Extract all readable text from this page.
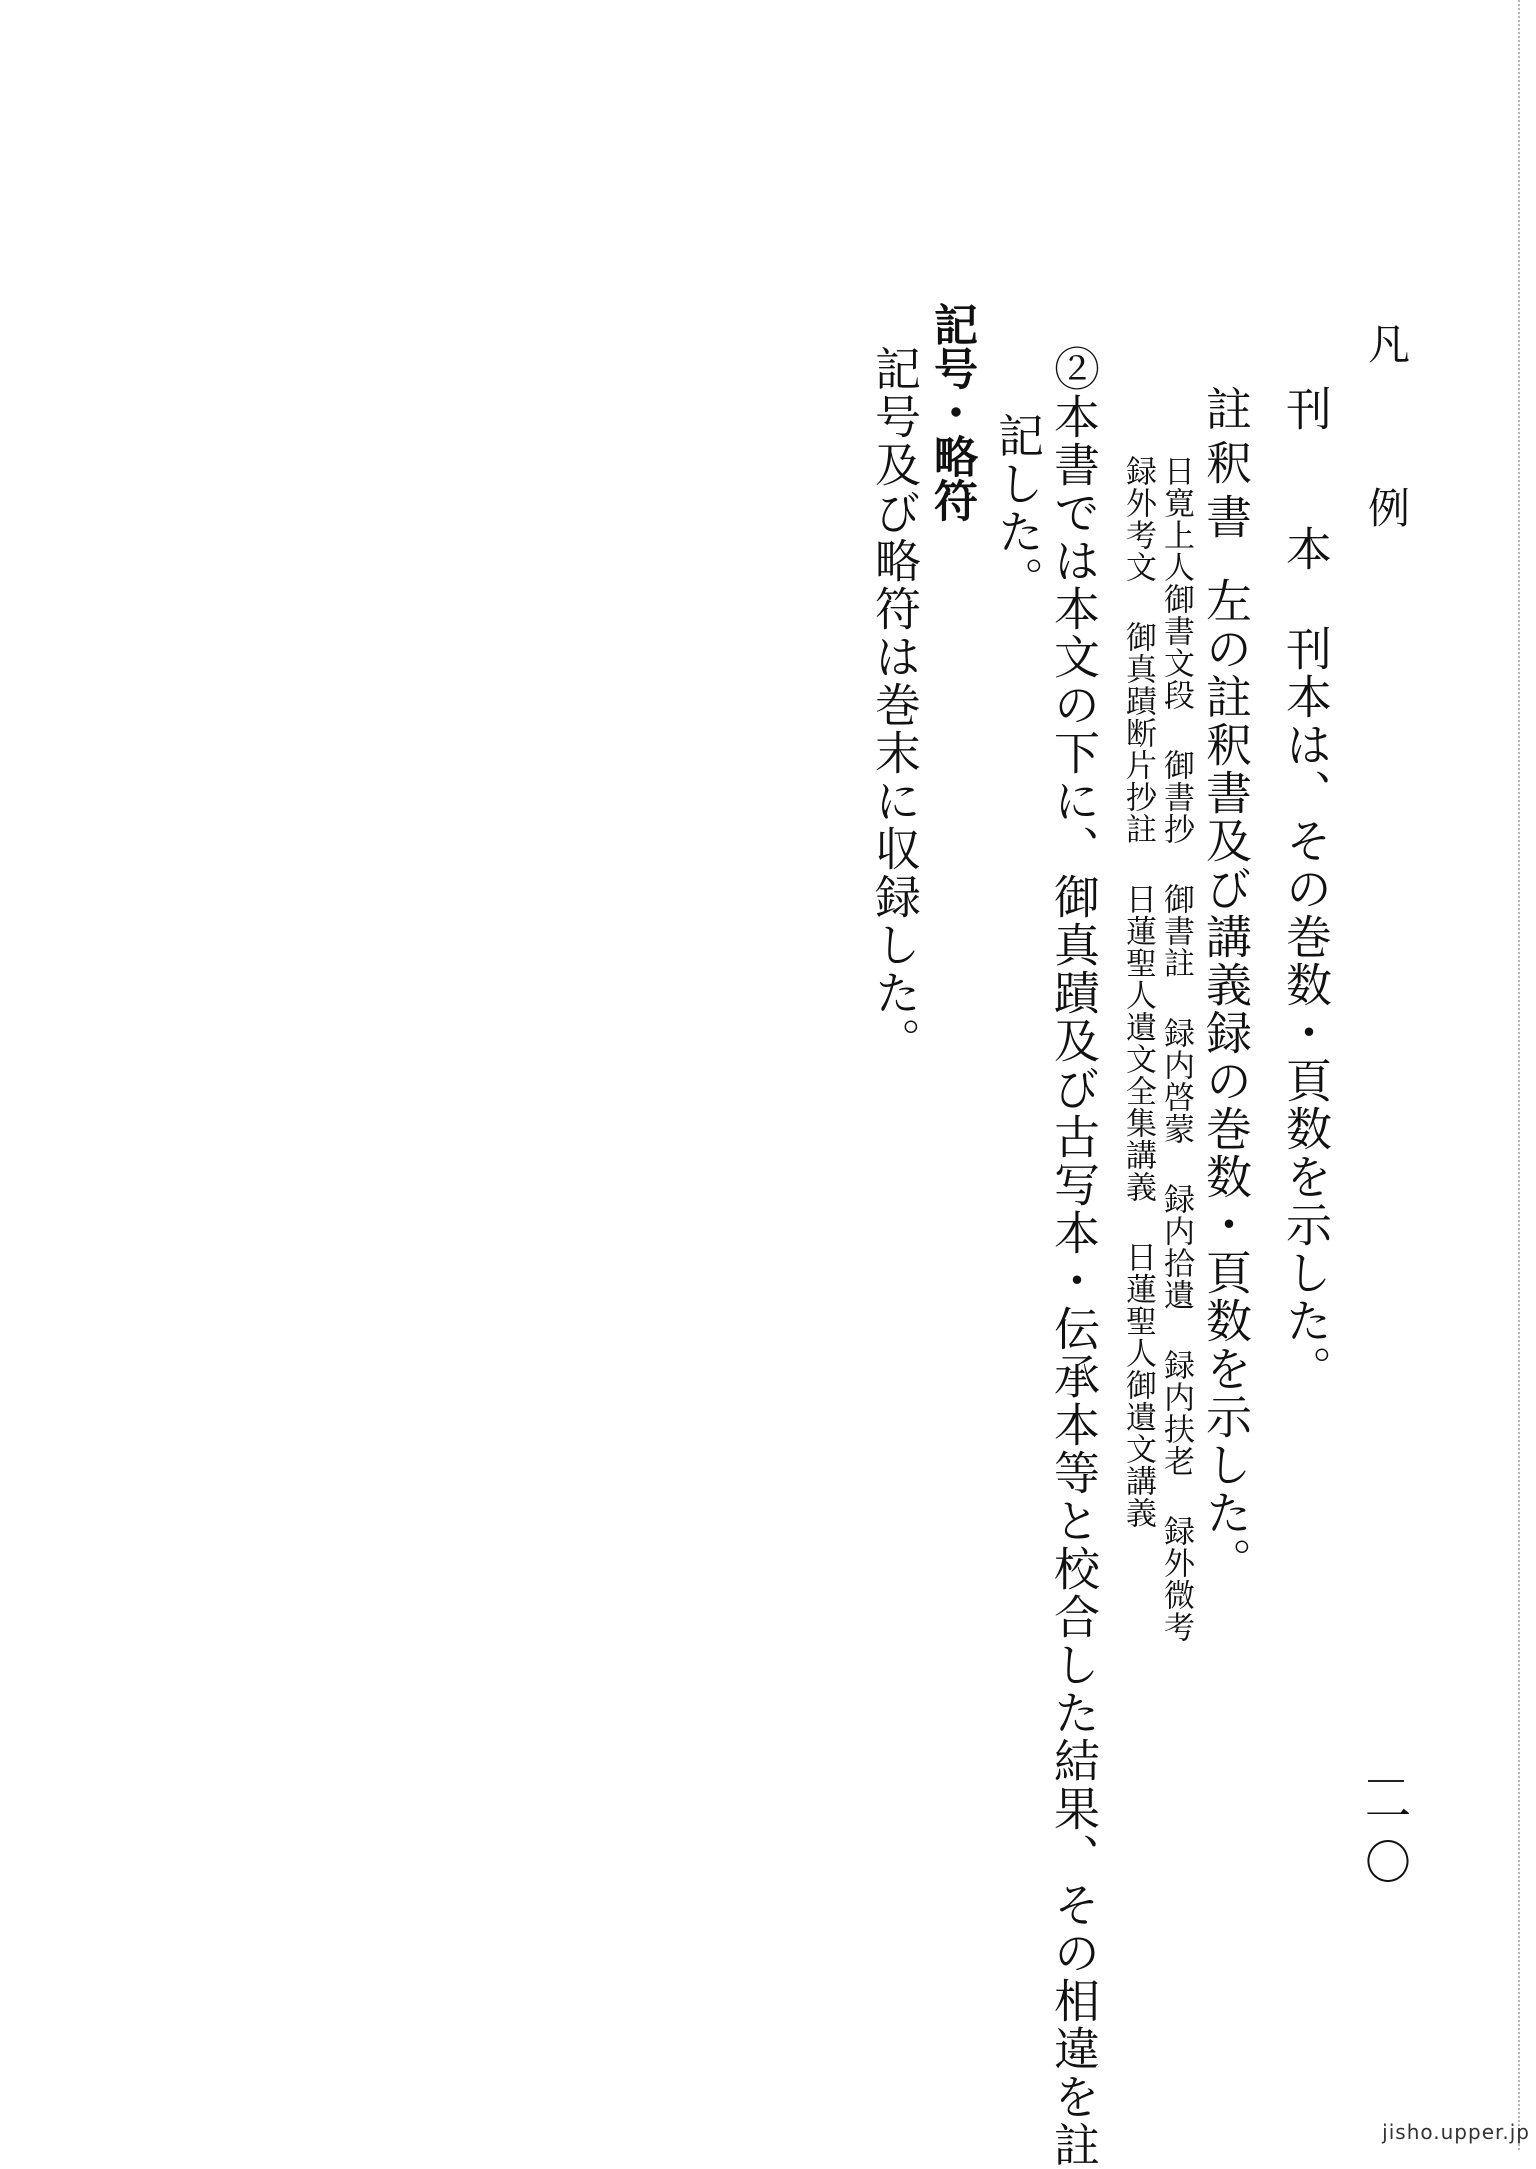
凡　例
一〇
刊　本刊本は、その巻数・頁数を示した。
註釈書左の註釈書及び講義録の巻数・頁数を示した。
日寛上人御書文段御書抄御書註録内啓蒙録内拾遺録内扶老録外微考
録外考文御真蹟断片抄註日蓮聖人遺文全集講義日蓮聖人御遺文講義
②本書では本文の下に、御真蹟及び古写本・伝承本等と校合した結果、その相違を註
記した。
記号・略符
記号及び略符は巻末に収録した。
jisho.upper.jp
